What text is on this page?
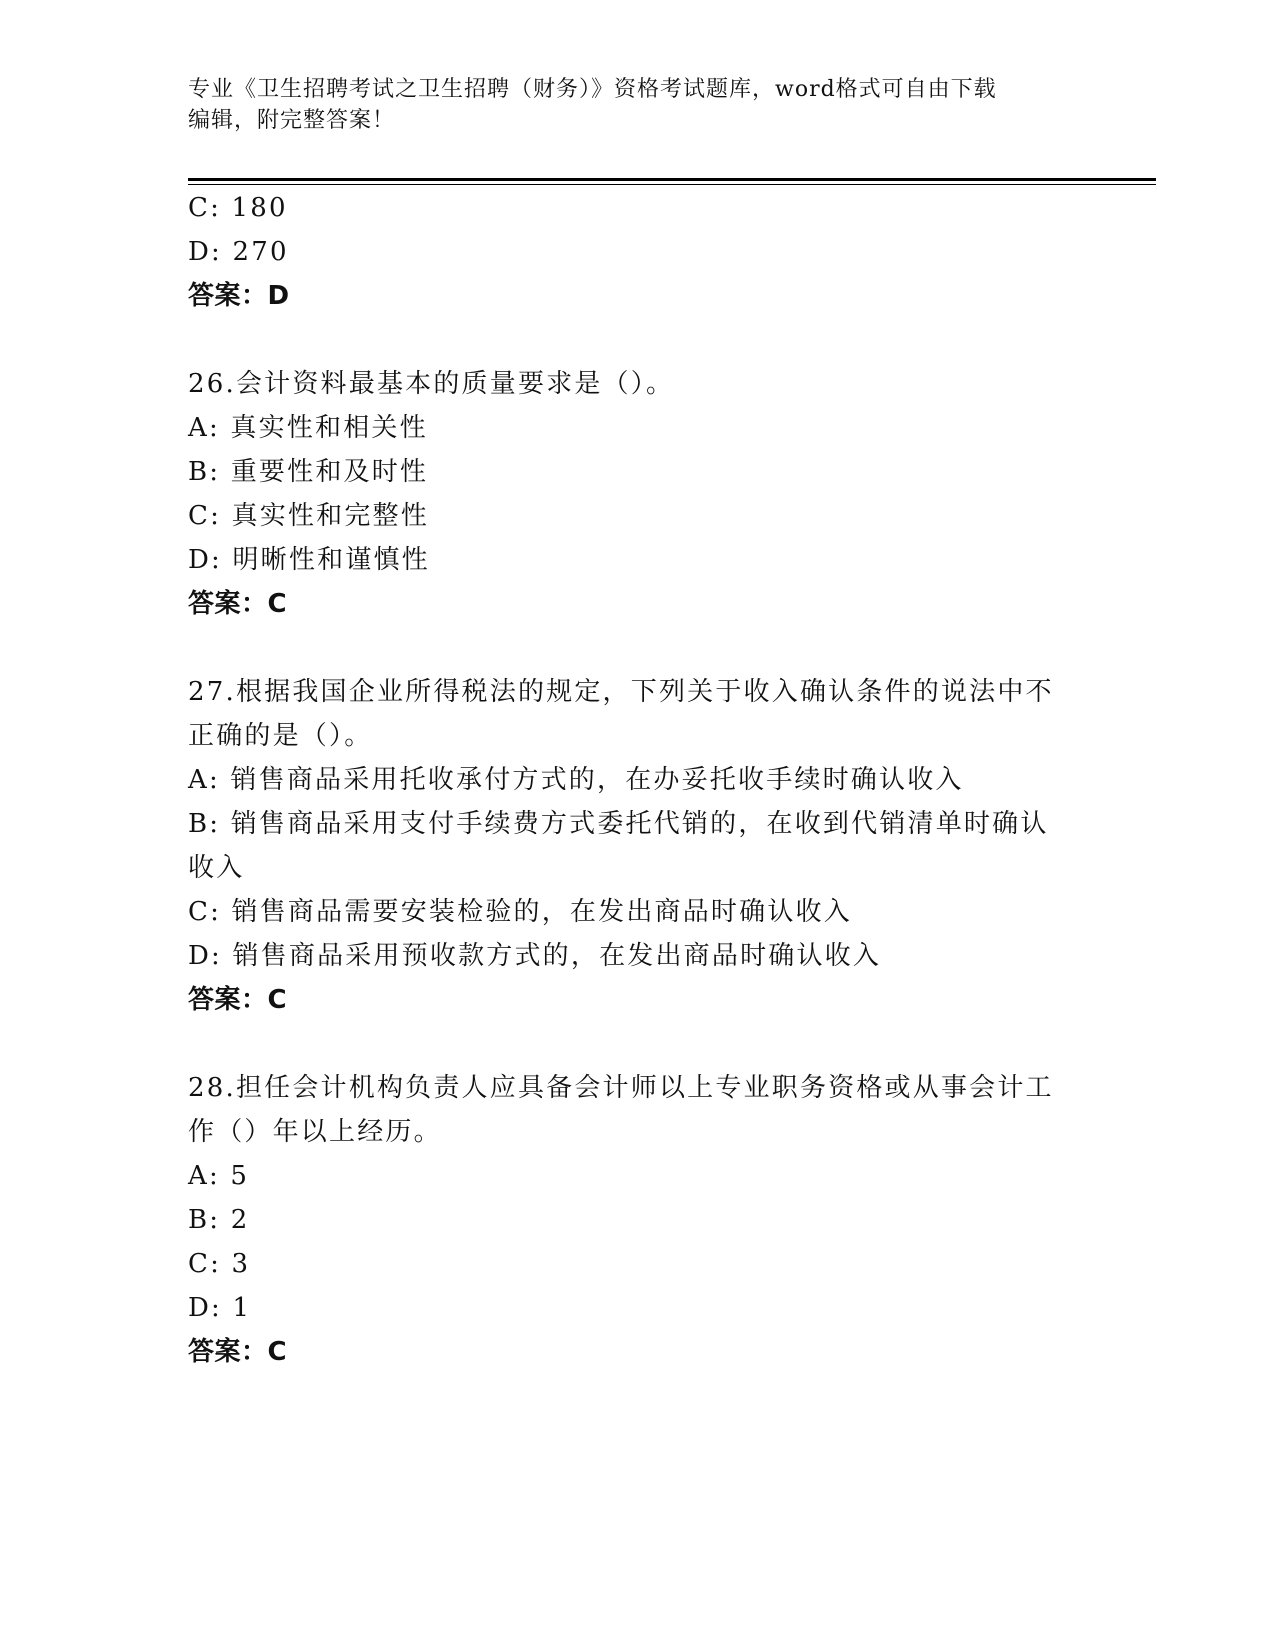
专业《卫生招聘考试之卫生招聘（财务）》资格考试题库，word格式可自由下载
编辑，附完整答案！
C: 180
D: 270
答案：D
26.会计资料最基本的质量要求是（）。
A: 真实性和相关性
B: 重要性和及时性
C: 真实性和完整性
D: 明晰性和谨慎性
答案：C
27.根据我国企业所得税法的规定，下列关于收入确认条件的说法中不
正确的是（）。
A: 销售商品采用托收承付方式的，在办妥托收手续时确认收入
B: 销售商品采用支付手续费方式委托代销的，在收到代销清单时确认
收入
C: 销售商品需要安装检验的，在发出商品时确认收入
D: 销售商品采用预收款方式的，在发出商品时确认收入
答案：C
28.担任会计机构负责人应具备会计师以上专业职务资格或从事会计工
作（）年以上经历。
A: 5
B: 2
C: 3
D: 1
答案：C
